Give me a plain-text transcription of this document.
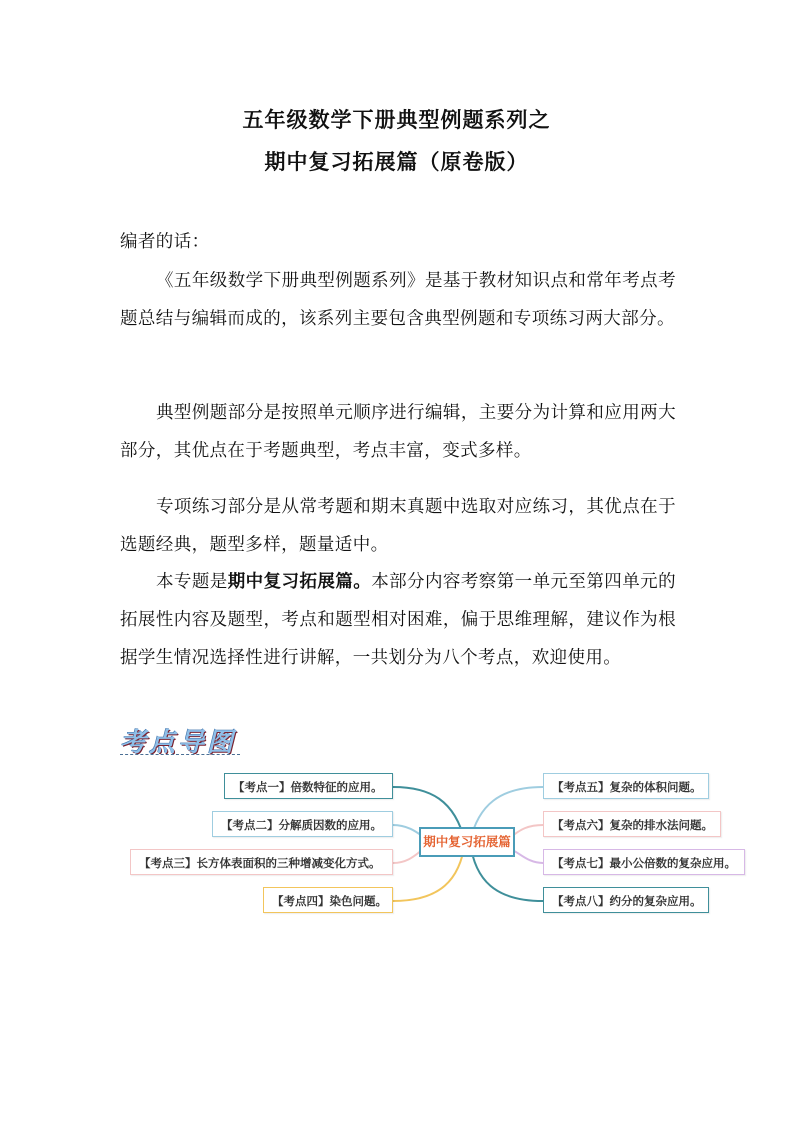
五年级数学下册典型例题系列之
期中复习拓展篇（原卷版）

编者的话：

《五年级数学下册典型例题系列》是基于教材知识点和常年考点考题总结与编辑而成的，该系列主要包含典型例题和专项练习两大部分。

典型例题部分是按照单元顺序进行编辑，主要分为计算和应用两大部分，其优点在于考题典型，考点丰富，变式多样。

专项练习部分是从常考题和期末真题中选取对应练习，其优点在于选题经典，题型多样，题量适中。

本专题是期中复习拓展篇。本部分内容考察第一单元至第四单元的拓展性内容及题型，考点和题型相对困难，偏于思维理解，建议作为根据学生情况选择性进行讲解，一共划分为八个考点，欢迎使用。

考点导图
期中复习拓展篇
【考点一】倍数特征的应用。
【考点二】分解质因数的应用。
【考点三】长方体表面积的三种增减变化方式。
【考点四】染色问题。
【考点五】复杂的体积问题。
【考点六】复杂的排水法问题。
【考点七】最小公倍数的复杂应用。
【考点八】约分的复杂应用。
